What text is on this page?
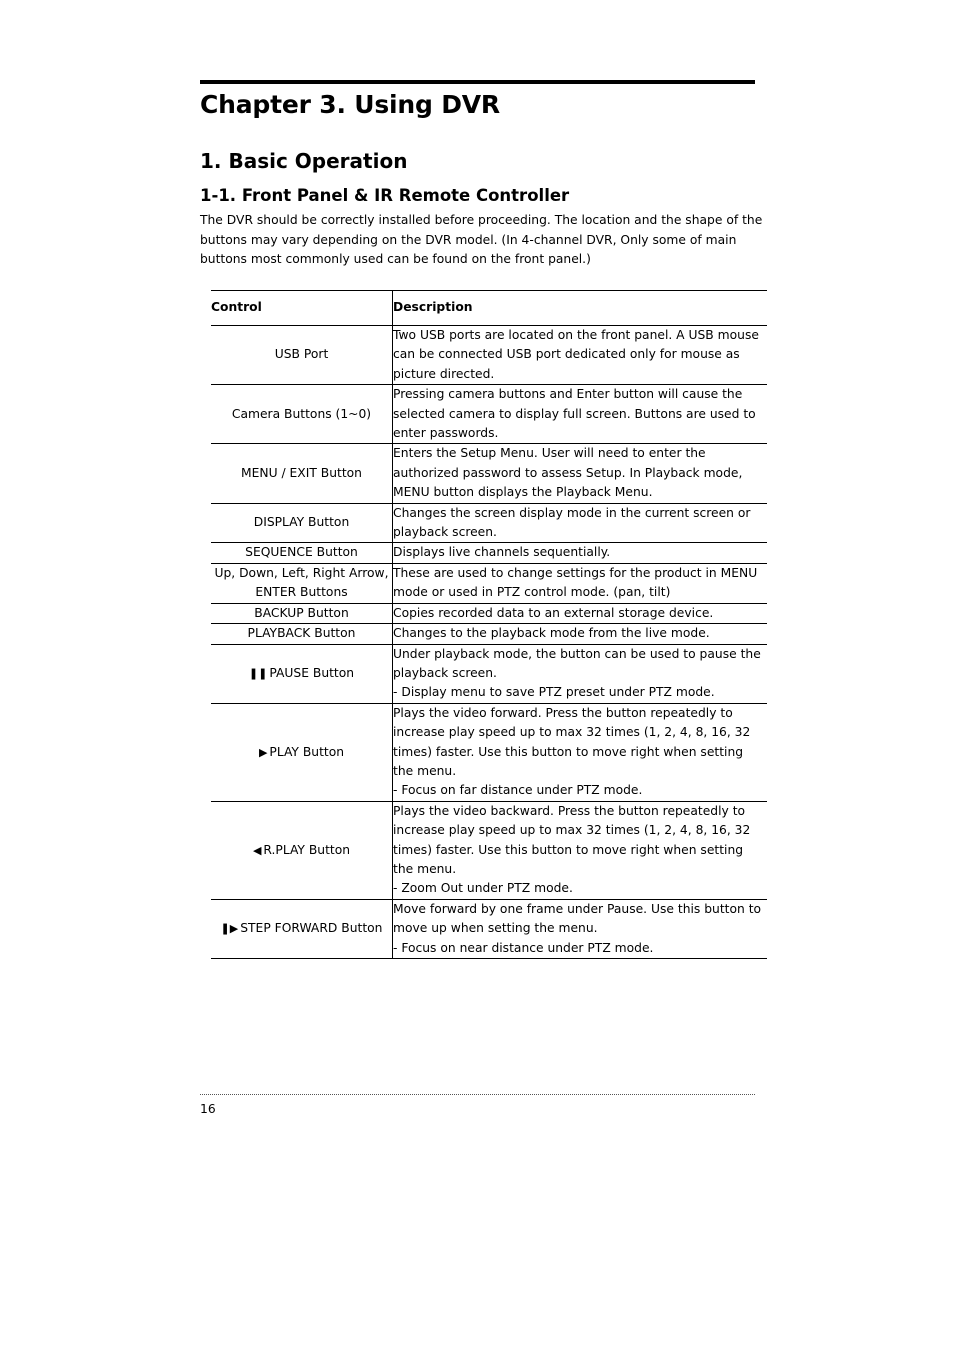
Chapter 3. Using DVR
1. Basic Operation
1-1. Front Panel & IR Remote Controller

The DVR should be correctly installed before proceeding. The location and the shape of the buttons may vary depending on the DVR model. (In 4-channel DVR, Only some of main buttons most commonly used can be found on the front panel.)

Control	Description
USB Port	Two USB ports are located on the front panel. A USB mouse can be connected USB port dedicated only for mouse as picture directed.

Camera Buttons (1~0)	Pressing camera buttons and Enter button will cause the selected camera to display full screen. Buttons are used to enter passwords.

MENU / EXIT Button	Enters the Setup Menu. User will need to enter the authorized password to assess Setup. In Playback mode, MENU button displays the Playback Menu.

DISPLAY Button	Changes the screen display mode in the current screen or playback screen.

SEQUENCE Button	Displays live channels sequentially.

Up, Down, Left, Right Arrow, ENTER Buttons	These are used to change settings for the product in MENU mode or used in PTZ control mode. (pan, tilt)

BACKUP Button	Copies recorded data to an external storage device.

PLAYBACK Button	Changes to the playback mode from the live mode.

❚❚ PAUSE Button	Under playback mode, the button can be used to pause the playback screen.
- Display menu to save PTZ preset under PTZ mode.

▶ PLAY Button	Plays the video forward. Press the button repeatedly to increase play speed up to max 32 times (1, 2, 4, 8, 16, 32 times) faster. Use this button to move right when setting the menu.
- Focus on far distance under PTZ mode.

◀ R.PLAY Button	Plays the video backward. Press the button repeatedly to increase play speed up to max 32 times (1, 2, 4, 8, 16, 32 times) faster. Use this button to move right when setting the menu.
- Zoom Out under PTZ mode.

❚▶ STEP FORWARD Button	Move forward by one frame under Pause. Use this button to move up when setting the menu.
- Focus on near distance under PTZ mode.
16
